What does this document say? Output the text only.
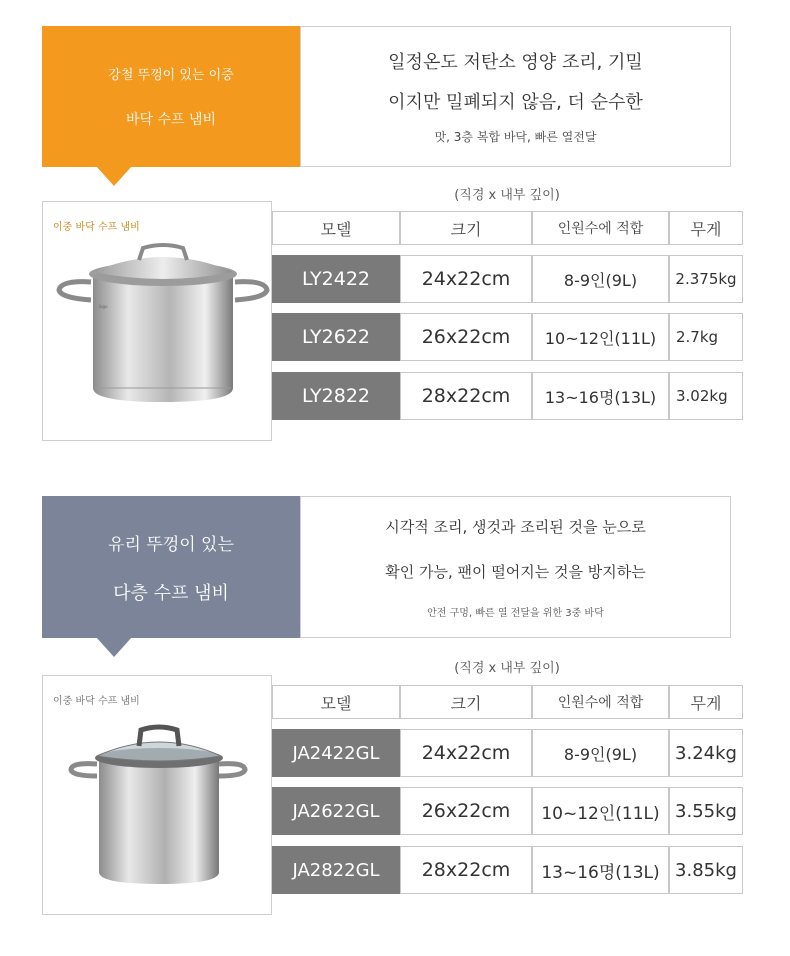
강철 뚜껑이 있는 이중
바닥 수프 냄비
일정온도 저탄소 영양 조리, 기밀
이지만 밀폐되지 않음, 더 순수한
맛, 3층 복합 바닥, 빠른 열전달
(직경 x 내부 깊이)
이중 바닥 수프 냄비
logo
모델	크기	인원수에 적합	무게
LY2422	24x22cm	8-9인(9L)	2.375kg
LY2622	26x22cm	10~12인(11L)	2.7kg
LY2822	28x22cm	13~16명(13L)	3.02kg
유리 뚜껑이 있는
다층 수프 냄비
시각적 조리, 생것과 조리된 것을 눈으로
확인 가능, 팬이 떨어지는 것을 방지하는
안전 구멍, 빠른 열 전달을 위한 3중 바닥
(직경 x 내부 깊이)
이중 바닥 수프 냄비	모델	크기	인원수에 적합	무게
JA2422GL	24x22cm	8-9인(9L)	3.24kg
JA2622GL	26x22cm	10~12인(11L) 3.55kg
JA2822GL	28x22cm	13~16명(13L) 3.85kg
